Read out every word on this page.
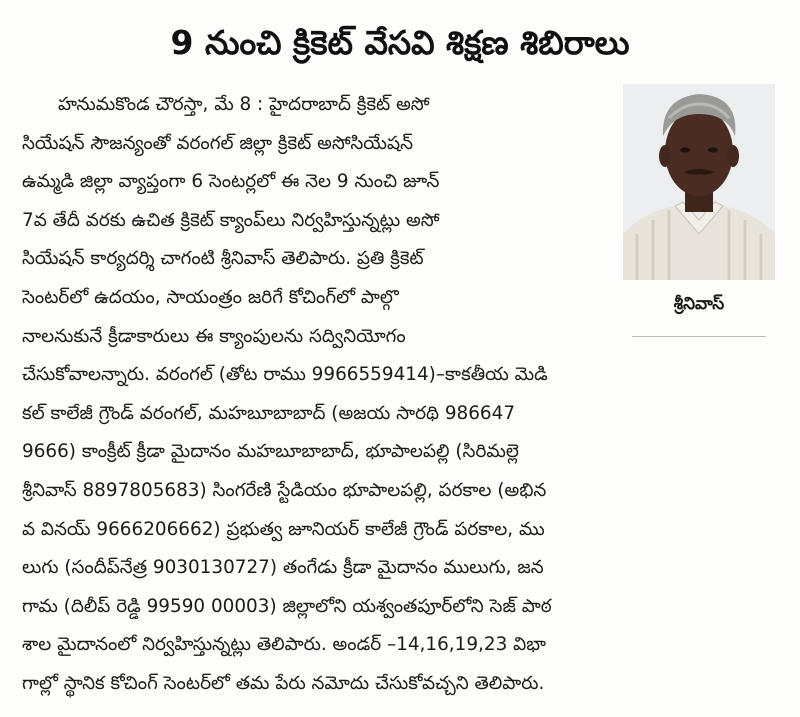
9 నుంచి క్రికెట్ వేసవి శిక్షణ శిబిరాలు
హనుమకొండ చౌరస్తా, మే 8 : హైదరాబాద్ క్రికెట్ అసో
సియేషన్ సౌజన్యంతో వరంగల్ జిల్లా క్రికెట్ అసోసియేషన్
ఉమ్మడి జిల్లా వ్యాప్తంగా 6 సెంటర్లలో ఈ నెల 9 నుంచి జూన్
7వ తేదీ వరకు ఉచిత క్రికెట్ క్యాంప్‌లు నిర్వహిస్తున్నట్లు అసో
సియేషన్ కార్యదర్శి చాగంటి శ్రీనివాస్ తెలిపారు. ప్రతి క్రికెట్
సెంటర్‌లో ఉదయం, సాయంత్రం జరిగే కోచింగ్‌లో పాల్గొ
నాలనుకునే క్రీడాకారులు ఈ క్యాంపులను సద్వినియోగం
చేసుకోవాలన్నారు. వరంగల్ (తోట రాము 9966559414)–కాకతీయ మెడి
కల్ కాలేజీ గ్రౌండ్ వరంగల్, మహబూబాబాద్ (అజయ సారథి 986647
9666) కాంక్రీట్ క్రీడా మైదానం మహబూబాబాద్, భూపాలపల్లి (సిరిమల్లె
శ్రీనివాస్ 8897805683) సింగరేణి స్టేడియం భూపాలపల్లి, పరకాల (అభిన
వ వినయ్ 9666206662) ప్రభుత్వ జూనియర్ కాలేజీ గ్రౌండ్ పరకాల, ము
లుగు (సందీప్‌నేత్ర 9030130727) తంగేడు క్రీడా మైదానం ములుగు, జన
గామ (దిలీప్ రెడ్డి 99590 00003) జిల్లాలోని యశ్వంతపూర్‌లోని సెజ్ పాఠ
శాల మైదానంలో నిర్వహిస్తున్నట్లు తెలిపారు. అండర్ –14,16,19,23 విభా
గాల్లో స్థానిక కోచింగ్ సెంటర్‌లో తమ పేరు నమోదు చేసుకోవచ్చని తెలిపారు.
శ్రీనివాస్
